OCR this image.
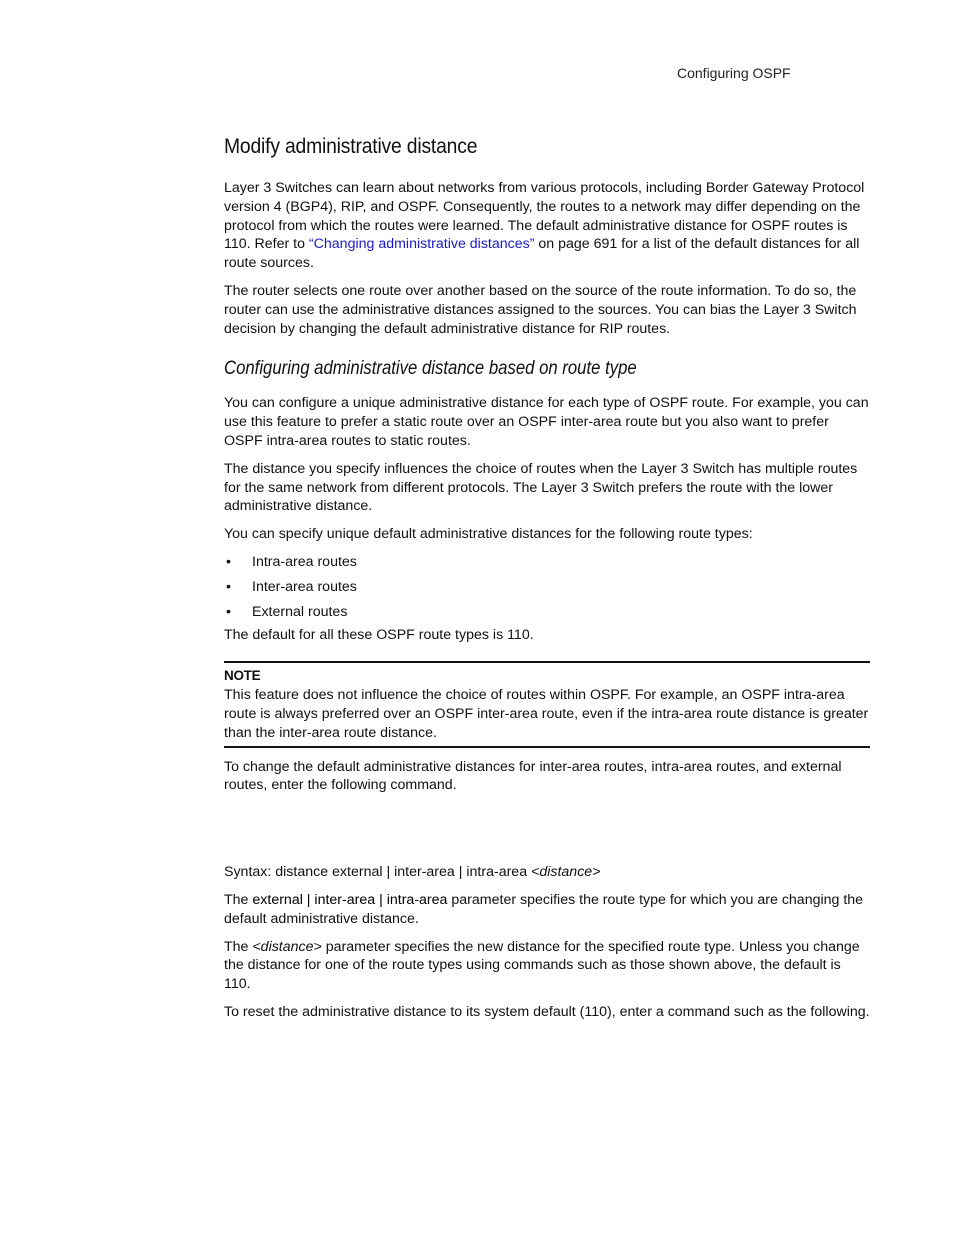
Configuring OSPF
Modify administrative distance

Layer 3 Switches can learn about networks from various protocols, including Border Gateway Protocol version 4 (BGP4), RIP, and OSPF. Consequently, the routes to a network may differ depending on the protocol from which the routes were learned. The default administrative distance for OSPF routes is 110. Refer to “Changing administrative distances” on page 691 for a list of the default distances for all route sources.

The router selects one route over another based on the source of the route information. To do so, the router can use the administrative distances assigned to the sources. You can bias the Layer 3 Switch decision by changing the default administrative distance for RIP routes.

Configuring administrative distance based on route type

You can configure a unique administrative distance for each type of OSPF route. For example, you can use this feature to prefer a static route over an OSPF inter-area route but you also want to prefer OSPF intra-area routes to static routes.

The distance you specify influences the choice of routes when the Layer 3 Switch has multiple routes for the same network from different protocols. The Layer 3 Switch prefers the route with the lower administrative distance.

You can specify unique default administrative distances for the following route types:

• Intra-area routes
• Inter-area routes
• External routes

The default for all these OSPF route types is 110.

NOTE

This feature does not influence the choice of routes within OSPF. For example, an OSPF intra-area route is always preferred over an OSPF inter-area route, even if the intra-area route distance is greater than the inter-area route distance.

To change the default administrative distances for inter-area routes, intra-area routes, and external routes, enter the following command.

Syntax: distance external | inter-area | intra-area <distance>

The external | inter-area | intra-area parameter specifies the route type for which you are changing the default administrative distance.

The <distance> parameter specifies the new distance for the specified route type. Unless you change the distance for one of the route types using commands such as those shown above, the default is 110.

To reset the administrative distance to its system default (110), enter a command such as the following.
